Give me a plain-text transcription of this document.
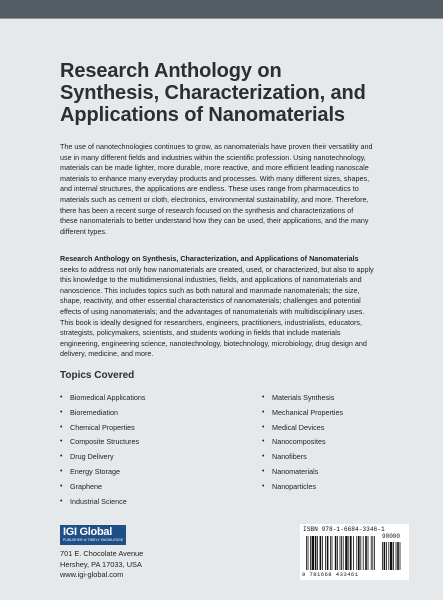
Research Anthology on
Synthesis, Characterization, and
Applications of Nanomaterials
The use of nanotechnologies continues to grow, as nanomaterials have proven their versatility and
use in many different fields and industries within the scientific profession. Using nanotechnology,
materials can be made lighter, more durable, more reactive, and more efficient leading nanoscale
materials to enhance many everyday products and processes. With many different sizes, shapes,
and internal structures, the applications are endless. These uses range from pharmaceutics to
materials such as cement or cloth, electronics, environmental sustainability, and more. Therefore,
there has been a recent surge of research focused on the synthesis and characterizations of
these nanomaterials to better understand how they can be used, their applications, and the many
different types.
Research Anthology on Synthesis, Characterization, and Applications of Nanomaterials
seeks to address not only how nanomaterials are created, used, or characterized, but also to apply
this knowledge to the multidimensional industries, fields, and applications of nanomaterials and
nanoscience. This includes topics such as both natural and manmade nanomaterials; the size,
shape, reactivity, and other essential characteristics of nanomaterials; challenges and potential
effects of using nanomaterials; and the advantages of nanomaterials with multidisciplinary uses.
This book is ideally designed for researchers, engineers, practitioners, industrialists, educators,
strategists, policymakers, scientists, and students working in fields that include materials
engineering, engineering science, nanotechnology, biotechnology, microbiology, drug design and
delivery, medicine, and more.
Topics Covered
• Biomedical Applications
• Bioremediation
• Chemical Properties
• Composite Structures
• Drug Delivery
• Energy Storage
• Graphene
• Industrial Science
• Materials Synthesis
• Mechanical Properties
• Medical Devices
• Nanocomposites
• Nanofibers
• Nanomaterials
• Nanoparticles
IGI Global
PUBLISHER of TIMELY KNOWLEDGE
701 E. Chocolate Avenue
Hershey, PA 17033, USA
www.igi-global.com
ISBN 978-1-6684-3346-1
90000
9 781668 433461
